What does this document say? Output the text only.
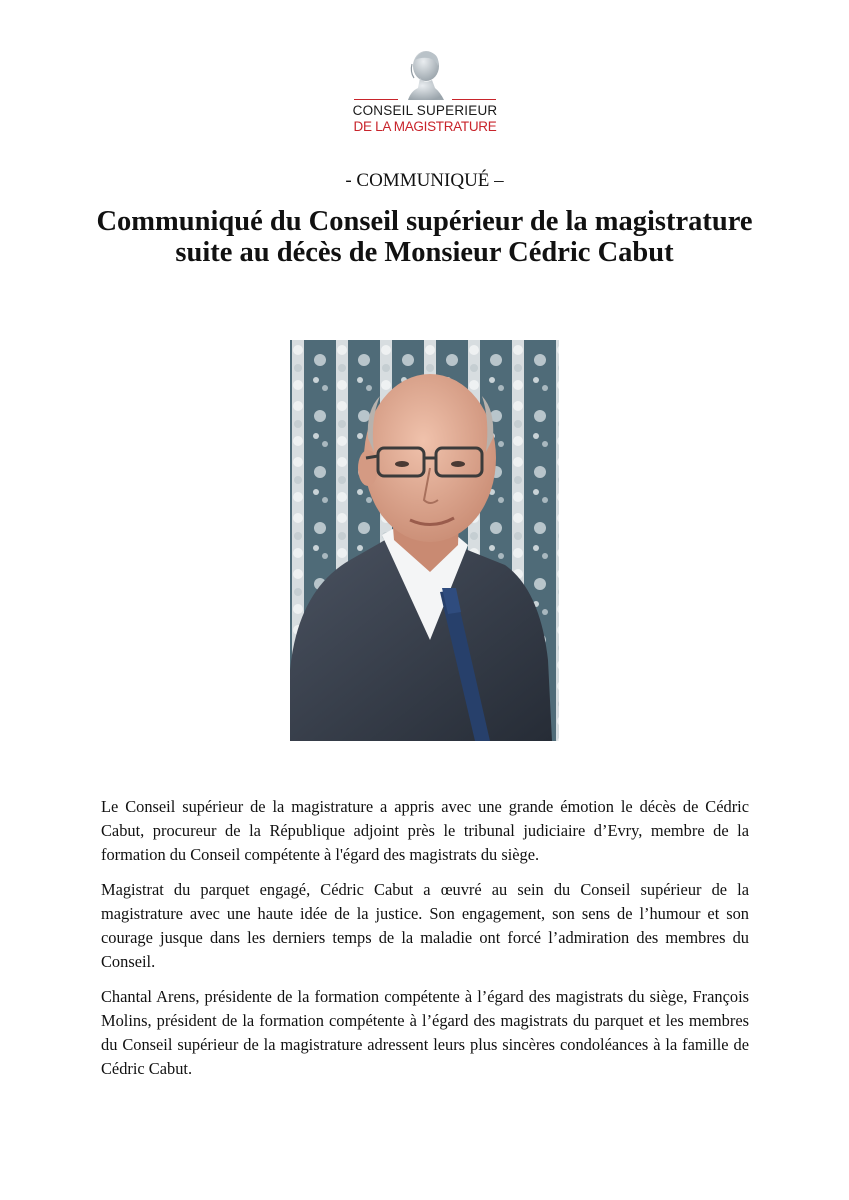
CONSEIL SUPERIEUR
DE LA MAGISTRATURE
- COMMUNIQUÉ –
Communiqué du Conseil supérieur de la magistrature suite au décès de Monsieur Cédric Cabut

Le Conseil supérieur de la magistrature a appris avec une grande émotion le décès de Cédric Cabut, procureur de la République adjoint près le tribunal judiciaire d’Evry, membre de la formation du Conseil compétente à l'égard des magistrats du siège.

Magistrat du parquet engagé, Cédric Cabut a œuvré au sein du Conseil supérieur de la magistrature avec une haute idée de la justice. Son engagement, son sens de l’humour et son courage jusque dans les derniers temps de la maladie ont forcé l’admiration des membres du Conseil.

Chantal Arens, présidente de la formation compétente à l’égard des magistrats du siège, François Molins, président de la formation compétente à l’égard des magistrats du parquet et les membres du Conseil supérieur de la magistrature adressent leurs plus sincères condoléances à la famille de Cédric Cabut.
